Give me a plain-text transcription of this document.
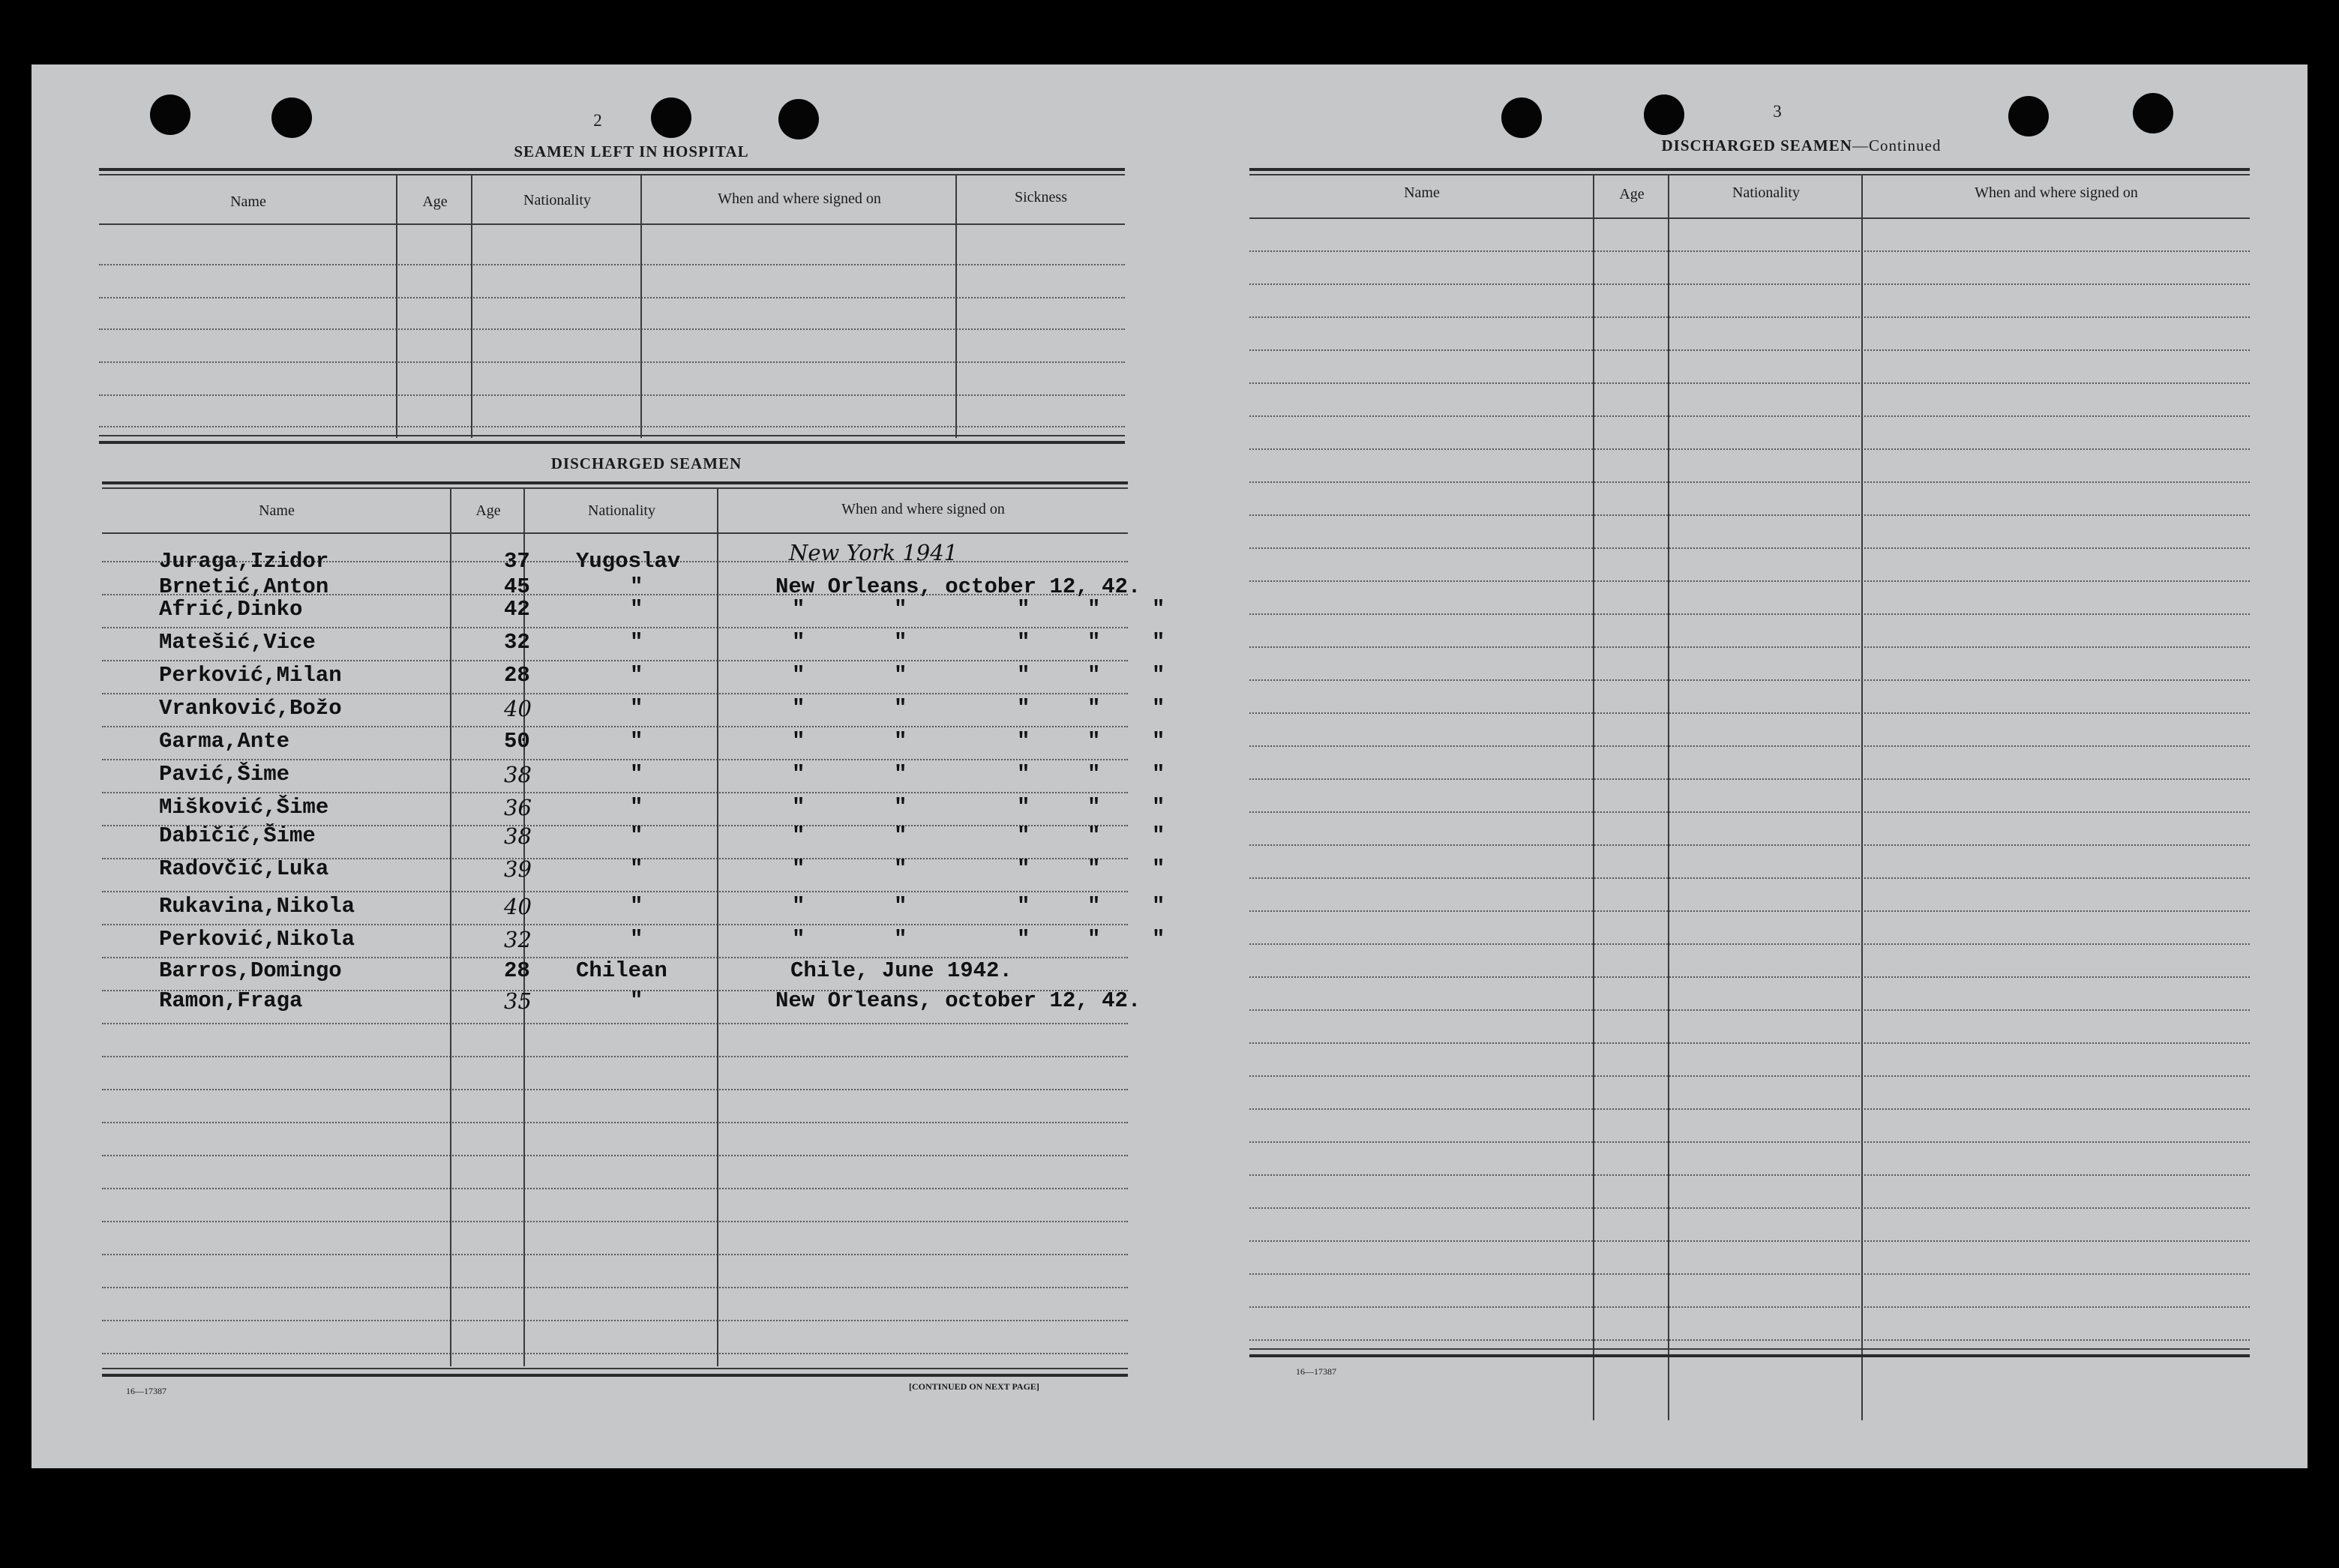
2
SEAMEN LEFT IN HOSPITAL
Name	Age	Nationality	When and where signed on	Sickness
DISCHARGED SEAMEN
Name	Age	Nationality	When and where signed on
Juraga,Izidor	37 Yugoslav	New York 1941
Brnetić,Anton	45	"	New Orleans, october 12, 42.
Afrić,Dinko	42	"	"	"	"	" "
Matešić,Vice	32	"	"	"	"	" "
Perković,Milan	28	"	"	"	"	" "
Vranković,Božo	40	"	"	"	"	" "
Garma,Ante	50	"	"	"	"	" "
Pavić,Šime	38	"	"	"	"	" "
Mišković,Šime	36	"	"	"	"	" "
Dabičić,Šime	38	"	"	"	"	" "
Radovčić,Luka	39	"	"	"	"	" "
Rukavina,Nikola	40	"	"	"	"	" "
Perković,Nikola	32	"	"	"	"	" "
Barros,Domingo	28 Chilean	Chile, June 1942.
Ramon,Fraga	35	"	New Orleans, october 12, 42.
16—17387	[CONTINUED ON NEXT PAGE]
3
DISCHARGED SEAMEN—Continued
Name	Age	Nationality	When and where signed on
16—17387
